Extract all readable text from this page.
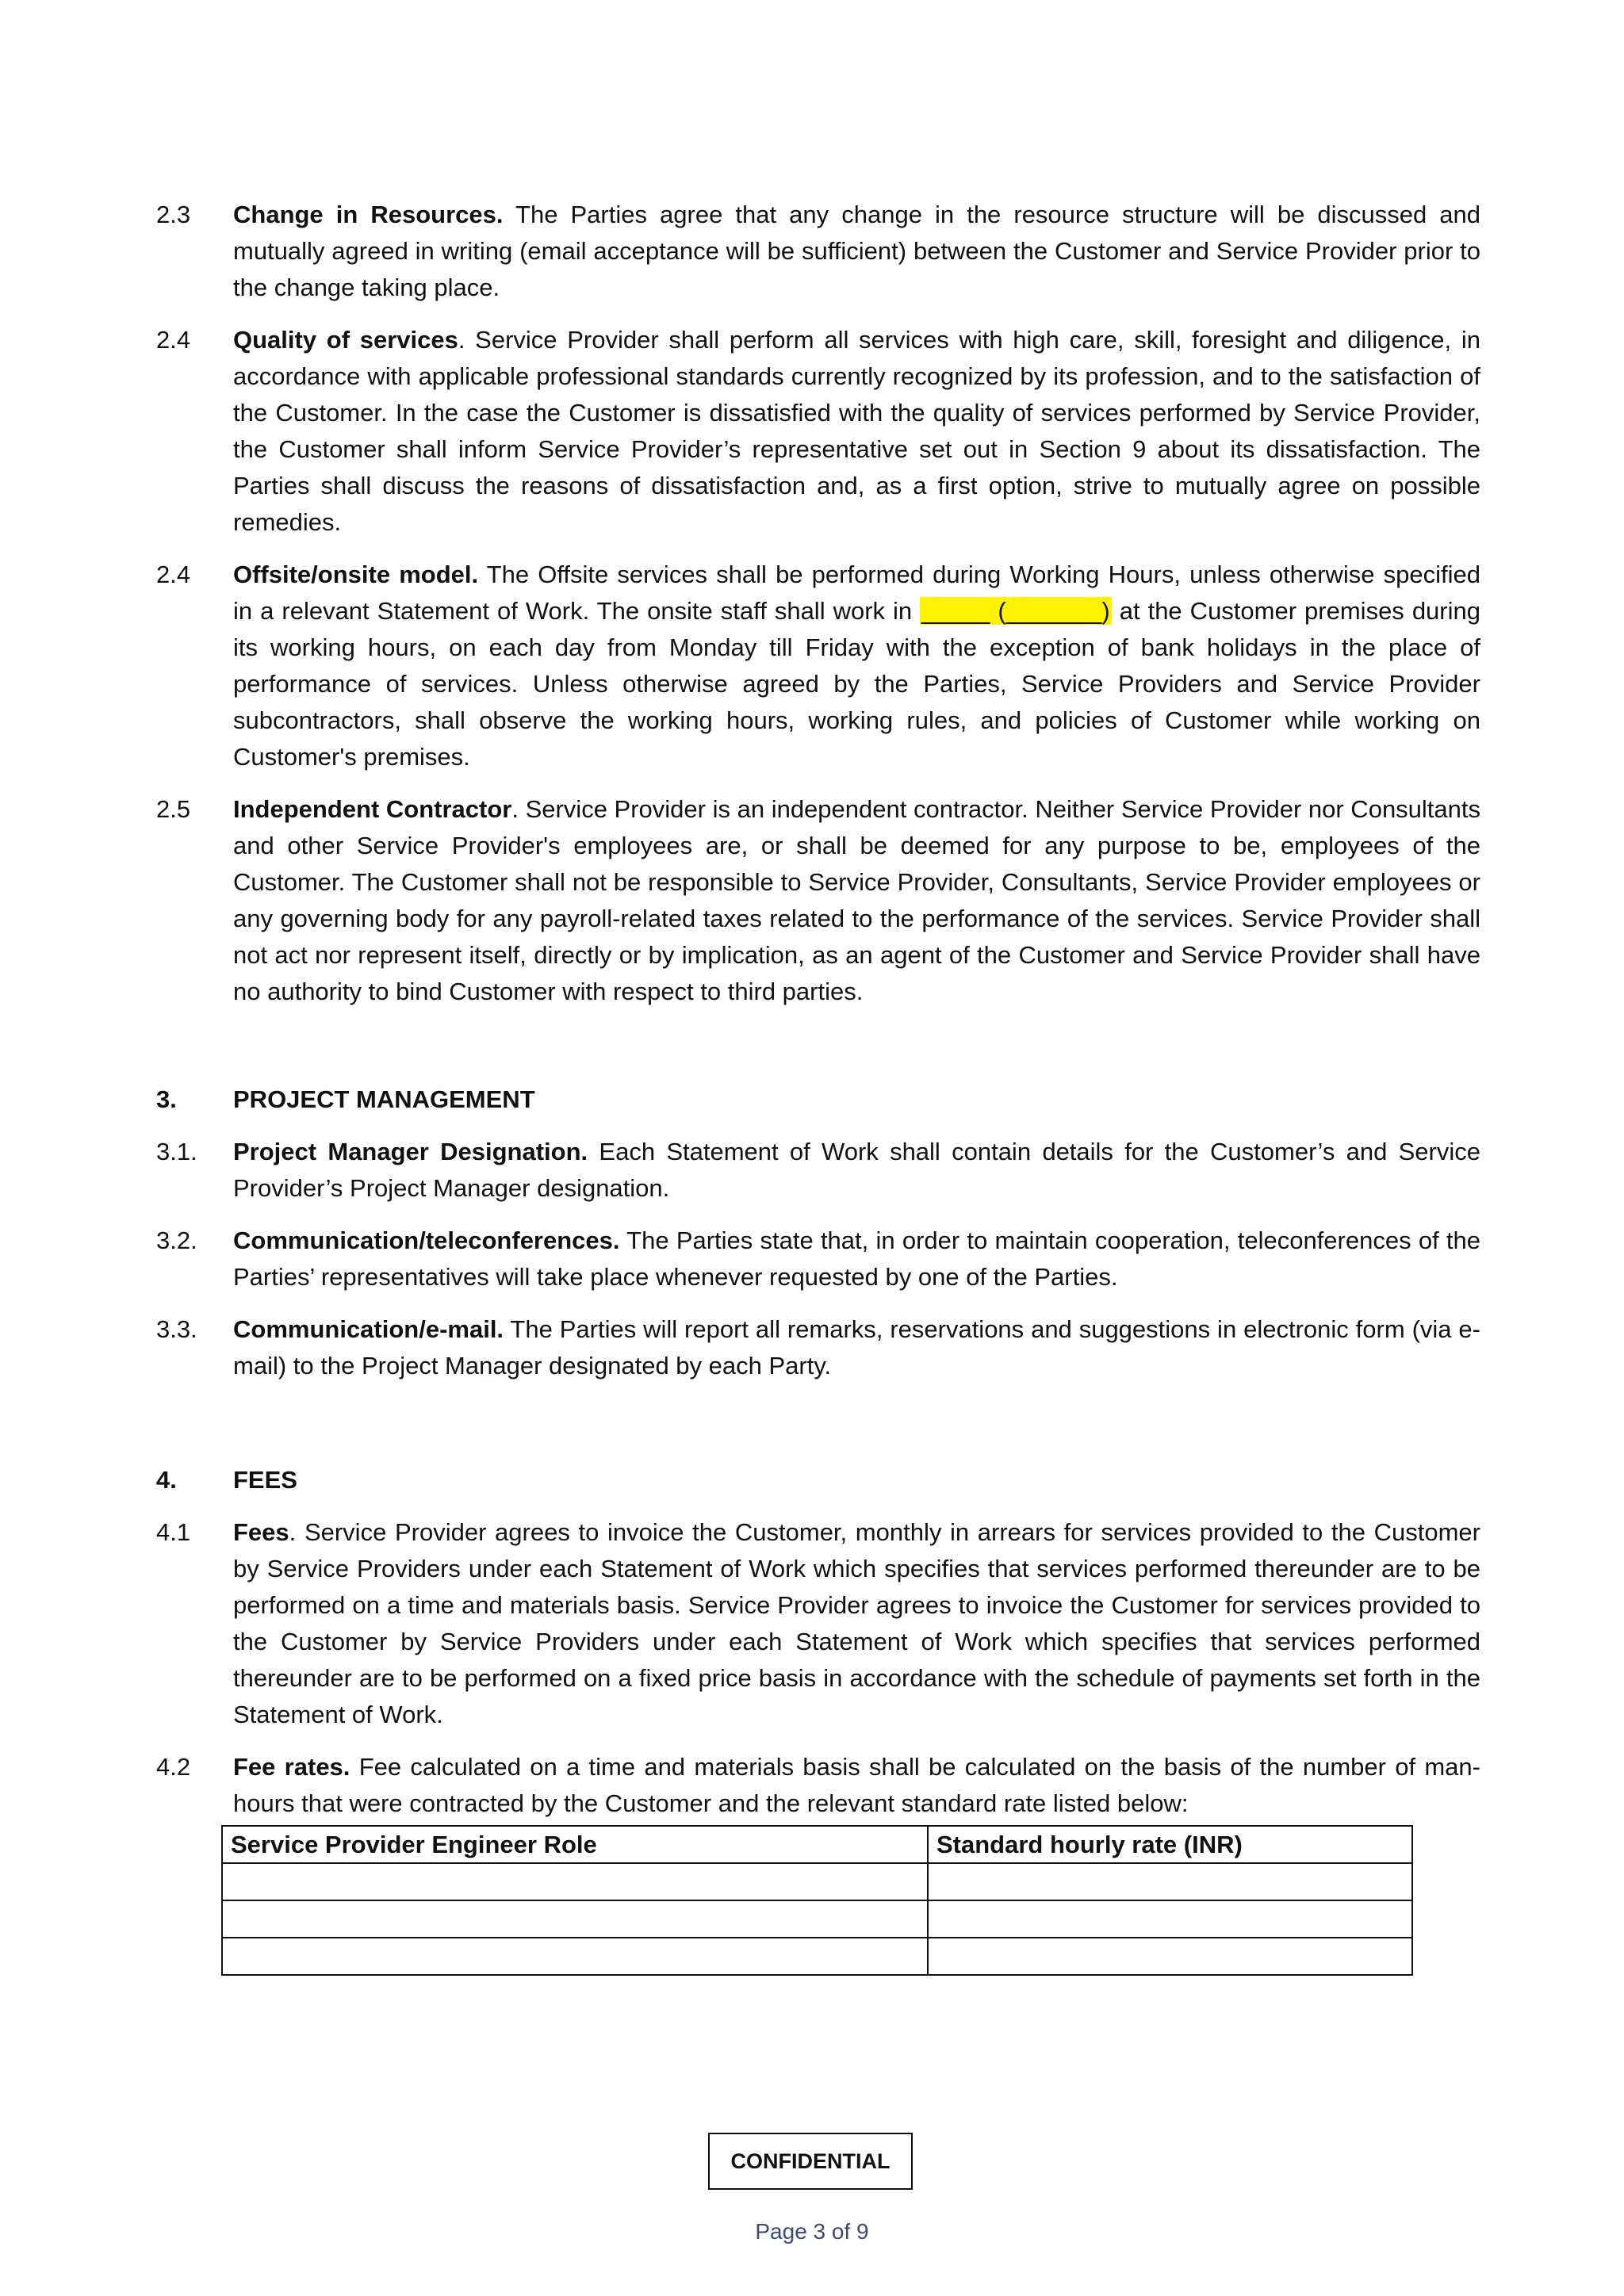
2.3	Change in Resources. The Parties agree that any change in the resource structure will be discussed and mutually agreed in writing (email acceptance will be sufficient) between the Customer and Service Provider prior to the change taking place.
2.4	Quality of services. Service Provider shall perform all services with high care, skill, foresight and diligence, in accordance with applicable professional standards currently recognized by its profession, and to the satisfaction of the Customer. In the case the Customer is dissatisfied with the quality of services performed by Service Provider, the Customer shall inform Service Provider’s representative set out in Section 9 about its dissatisfaction. The Parties shall discuss the reasons of dissatisfaction and, as a first option, strive to mutually agree on possible remedies.
2.4	Offsite/onsite model. The Offsite services shall be performed during Working Hours, unless otherwise specified in a relevant Statement of Work. The onsite staff shall work in _____ (_______) at the Customer premises during its working hours, on each day from Monday till Friday with the exception of bank holidays in the place of performance of services. Unless otherwise agreed by the Parties, Service Providers and Service Provider subcontractors, shall observe the working hours, working rules, and policies of Customer while working on Customer's premises.
2.5	Independent Contractor. Service Provider is an independent contractor. Neither Service Provider nor Consultants and other Service Provider's employees are, or shall be deemed for any purpose to be, employees of the Customer. The Customer shall not be responsible to Service Provider, Consultants, Service Provider employees or any governing body for any payroll-related taxes related to the performance of the services. Service Provider shall not act nor represent itself, directly or by implication, as an agent of the Customer and Service Provider shall have no authority to bind Customer with respect to third parties.
3.	PROJECT MANAGEMENT
3.1.	Project Manager Designation. Each Statement of Work shall contain details for the Customer’s and Service Provider’s Project Manager designation.
3.2.	Communication/teleconferences. The Parties state that, in order to maintain cooperation, teleconferences of the Parties’ representatives will take place whenever requested by one of the Parties.
3.3.	Communication/e-mail. The Parties will report all remarks, reservations and suggestions in electronic form (via e-mail) to the Project Manager designated by each Party.
4.	FEES
4.1	Fees. Service Provider agrees to invoice the Customer, monthly in arrears for services provided to the Customer by Service Providers under each Statement of Work which specifies that services performed thereunder are to be performed on a time and materials basis. Service Provider agrees to invoice the Customer for services provided to the Customer by Service Providers under each Statement of Work which specifies that services performed thereunder are to be performed on a fixed price basis in accordance with the schedule of payments set forth in the Statement of Work.
4.2	Fee rates. Fee calculated on a time and materials basis shall be calculated on the basis of the number of man-hours that were contracted by the Customer and the relevant standard rate listed below:
Service Provider Engineer Role	Standard hourly rate (INR)

CONFIDENTIAL
Page 3 of 9
